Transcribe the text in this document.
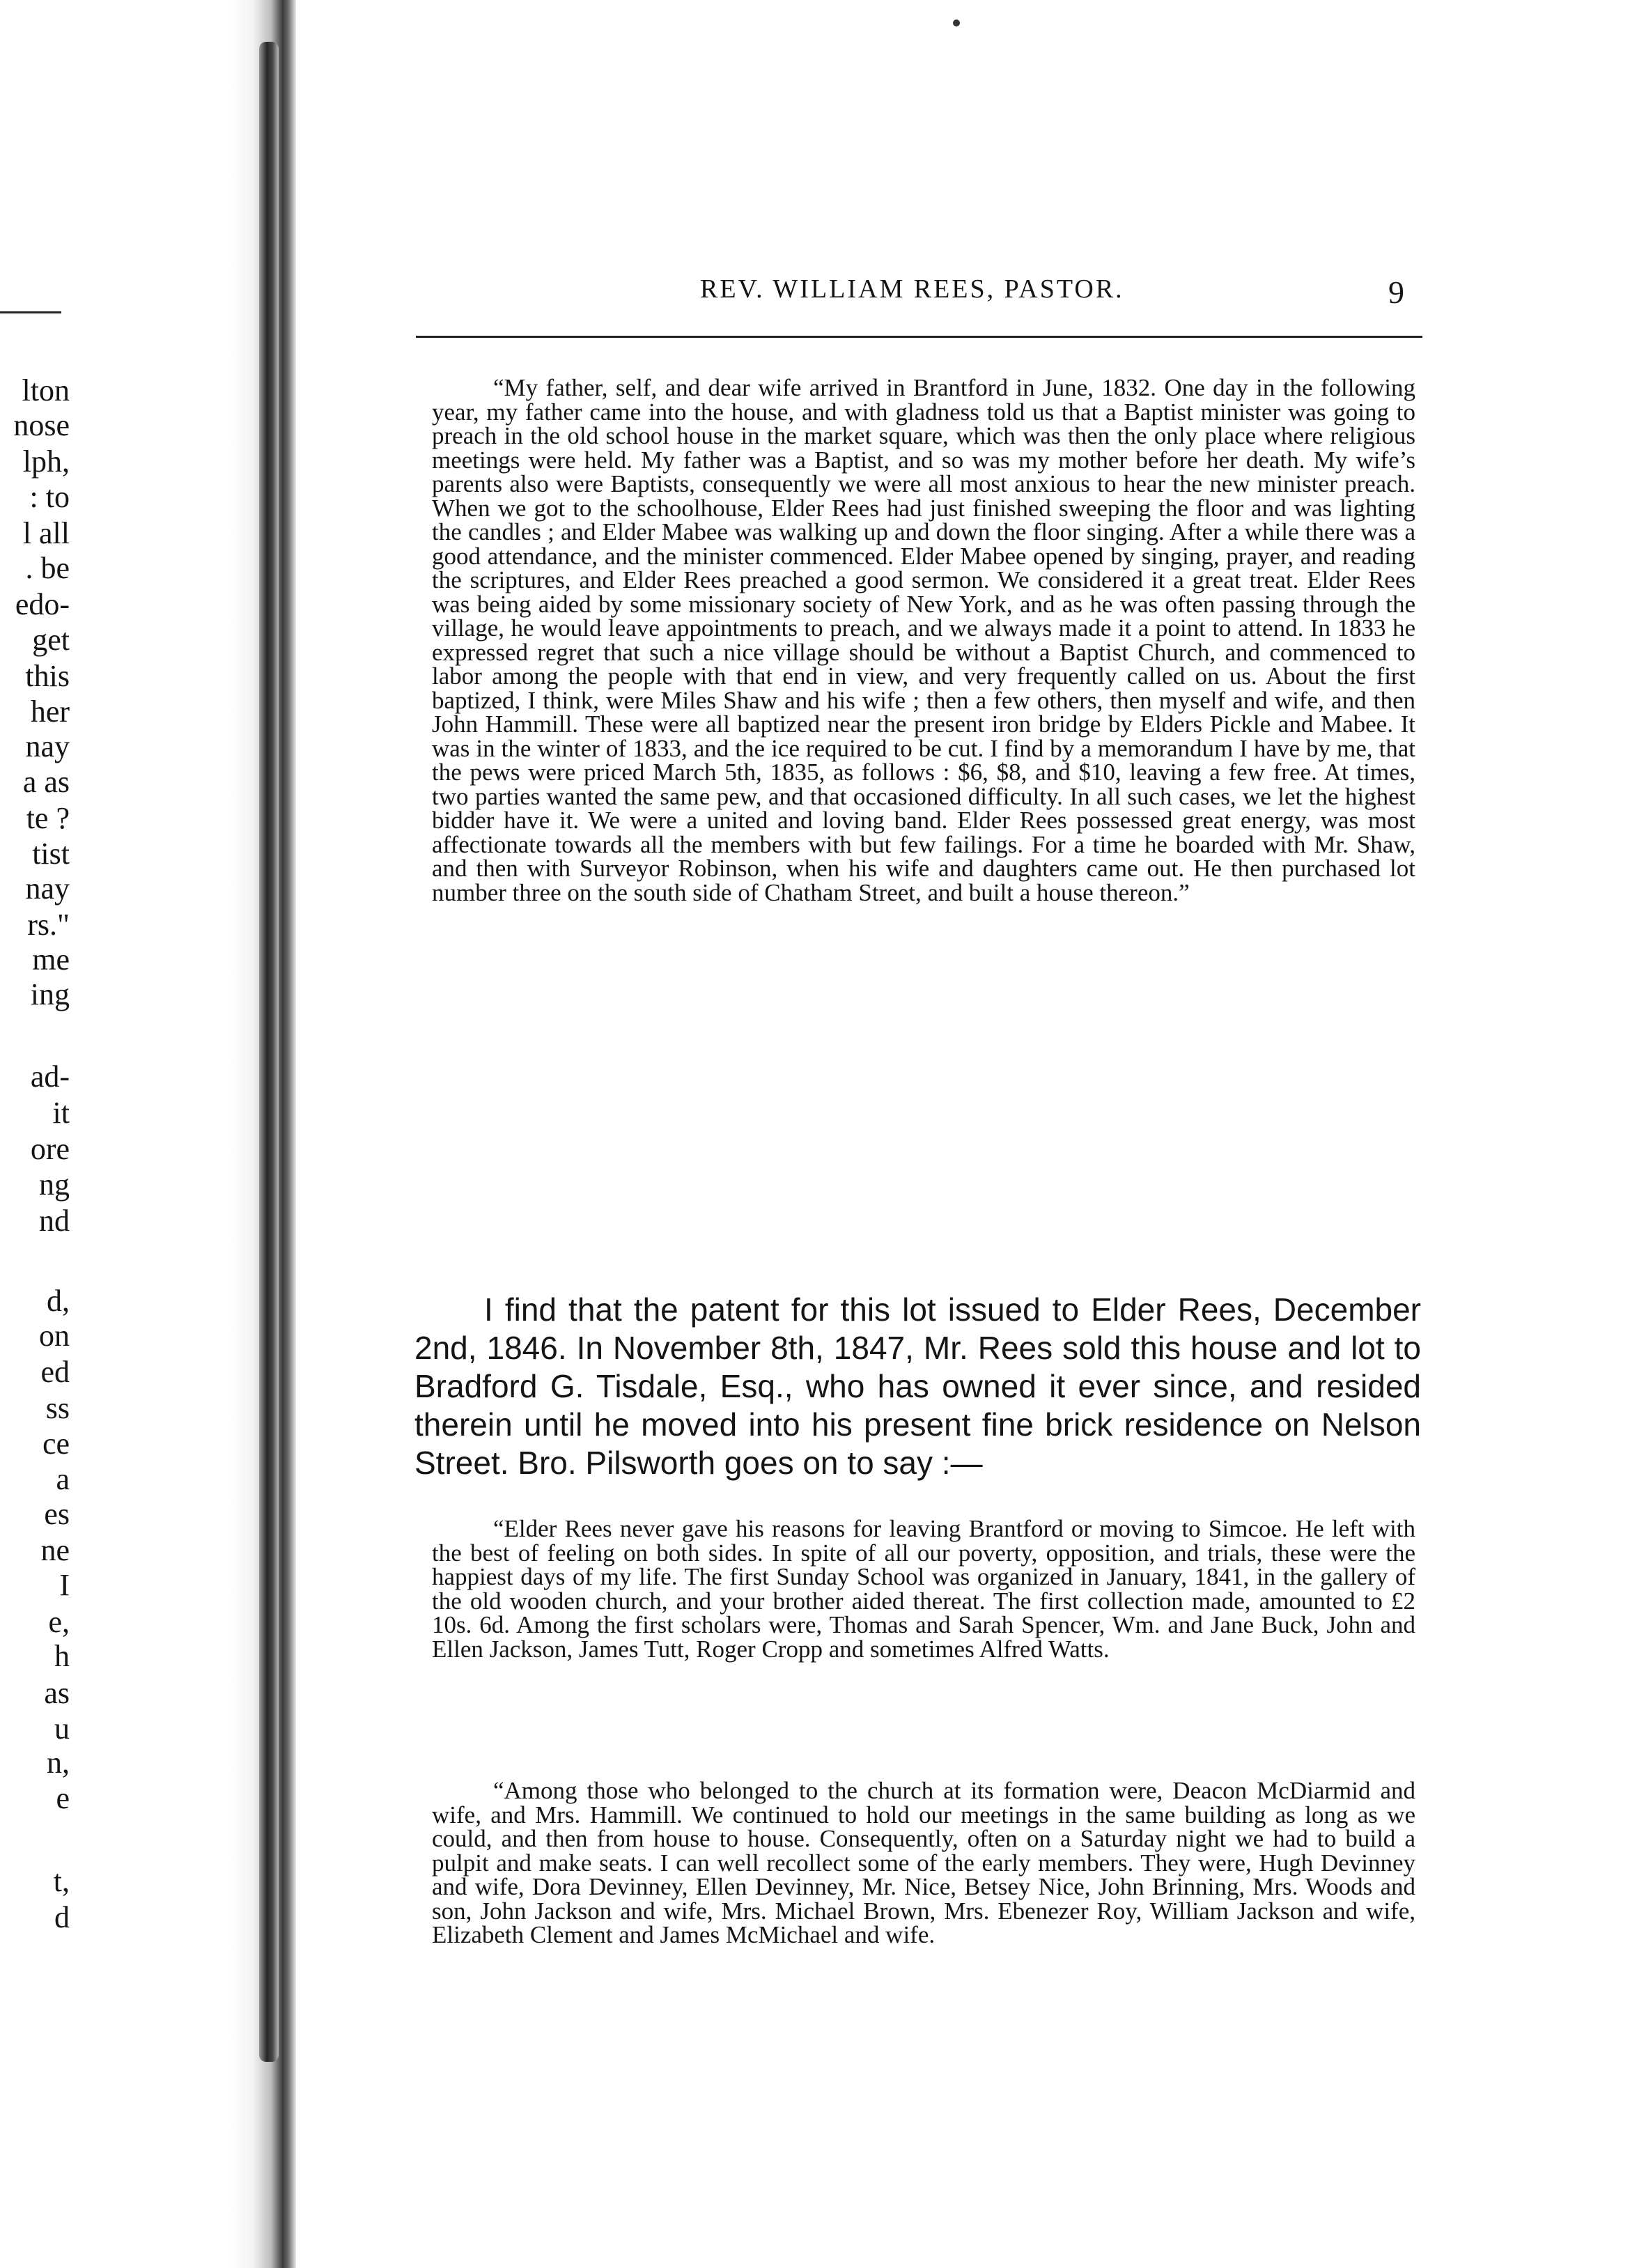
lton
nose
lph,
: to
l all
. be
edo-
get
this
her
nay
a as
te ?
tist
nay
rs."
me
ing
ad-
it
ore
ng
nd
d,
on
ed
ss
ce
a
es
ne
I
e,
h
as
u
n,
e
t,
d
REV. WILLIAM REES, PASTOR.	9

“My father, self, and dear wife arrived in Brantford in June, 1832. One day in the following year, my father came into the house, and with gladness told us that a Baptist minister was going to preach in the old school house in the market square, which was then the only place where religious meetings were held. My father was a Baptist, and so was my mother before her death. My wife’s parents also were Baptists, consequently we were all most anxious to hear the new minister preach. When we got to the schoolhouse, Elder Rees had just finished sweeping the floor and was lighting the candles ; and Elder Mabee was walking up and down the floor singing. After a while there was a good attendance, and the minister commenced. Elder Mabee opened by singing, prayer, and reading the scriptures, and Elder Rees preached a good sermon. We considered it a great treat. Elder Rees was being aided by some missionary society of New York, and as he was often passing through the village, he would leave appointments to preach, and we always made it a point to attend. In 1833 he expressed regret that such a nice village should be without a Baptist Church, and commenced to labor among the people with that end in view, and very frequently called on us. About the first baptized, I think, were Miles Shaw and his wife ; then a few others, then myself and wife, and then John Hammill. These were all baptized near the present iron bridge by Elders Pickle and Mabee. It was in the winter of 1833, and the ice required to be cut. I find by a memorandum I have by me, that the pews were priced March 5th, 1835, as follows : $6, $8, and $10, leaving a few free. At times, two parties wanted the same pew, and that occasioned difficulty. In all such cases, we let the highest bidder have it. We were a united and loving band. Elder Rees possessed great energy, was most affectionate towards all the members with but few failings. For a time he boarded with Mr. Shaw, and then with Surveyor Robinson, when his wife and daughters came out. He then purchased lot number three on the south side of Chatham Street, and built a house thereon.”

I find that the patent for this lot issued to Elder Rees, December 2nd, 1846. In November 8th, 1847, Mr. Rees sold this house and lot to Bradford G. Tisdale, Esq., who has owned it ever since, and resided therein until he moved into his present fine brick residence on Nelson Street. Bro. Pilsworth goes on to say :—

“Elder Rees never gave his reasons for leaving Brantford or moving to Simcoe. He left with the best of feeling on both sides. In spite of all our poverty, opposition, and trials, these were the happiest days of my life. The first Sunday School was organized in January, 1841, in the gallery of the old wooden church, and your brother aided thereat. The first collection made, amounted to £2 10s. 6d. Among the first scholars were, Thomas and Sarah Spencer, Wm. and Jane Buck, John and Ellen Jackson, James Tutt, Roger Cropp and sometimes Alfred Watts.

“Among those who belonged to the church at its formation were, Deacon McDiarmid and wife, and Mrs. Hammill. We continued to hold our meetings in the same building as long as we could, and then from house to house. Consequently, often on a Saturday night we had to build a pulpit and make seats. I can well recollect some of the early members. They were, Hugh Devinney and wife, Dora Devinney, Ellen Devinney, Mr. Nice, Betsey Nice, John Brinning, Mrs. Woods and son, John Jackson and wife, Mrs. Michael Brown, Mrs. Ebenezer Roy, William Jackson and wife, Elizabeth Clement and James McMichael and wife.
